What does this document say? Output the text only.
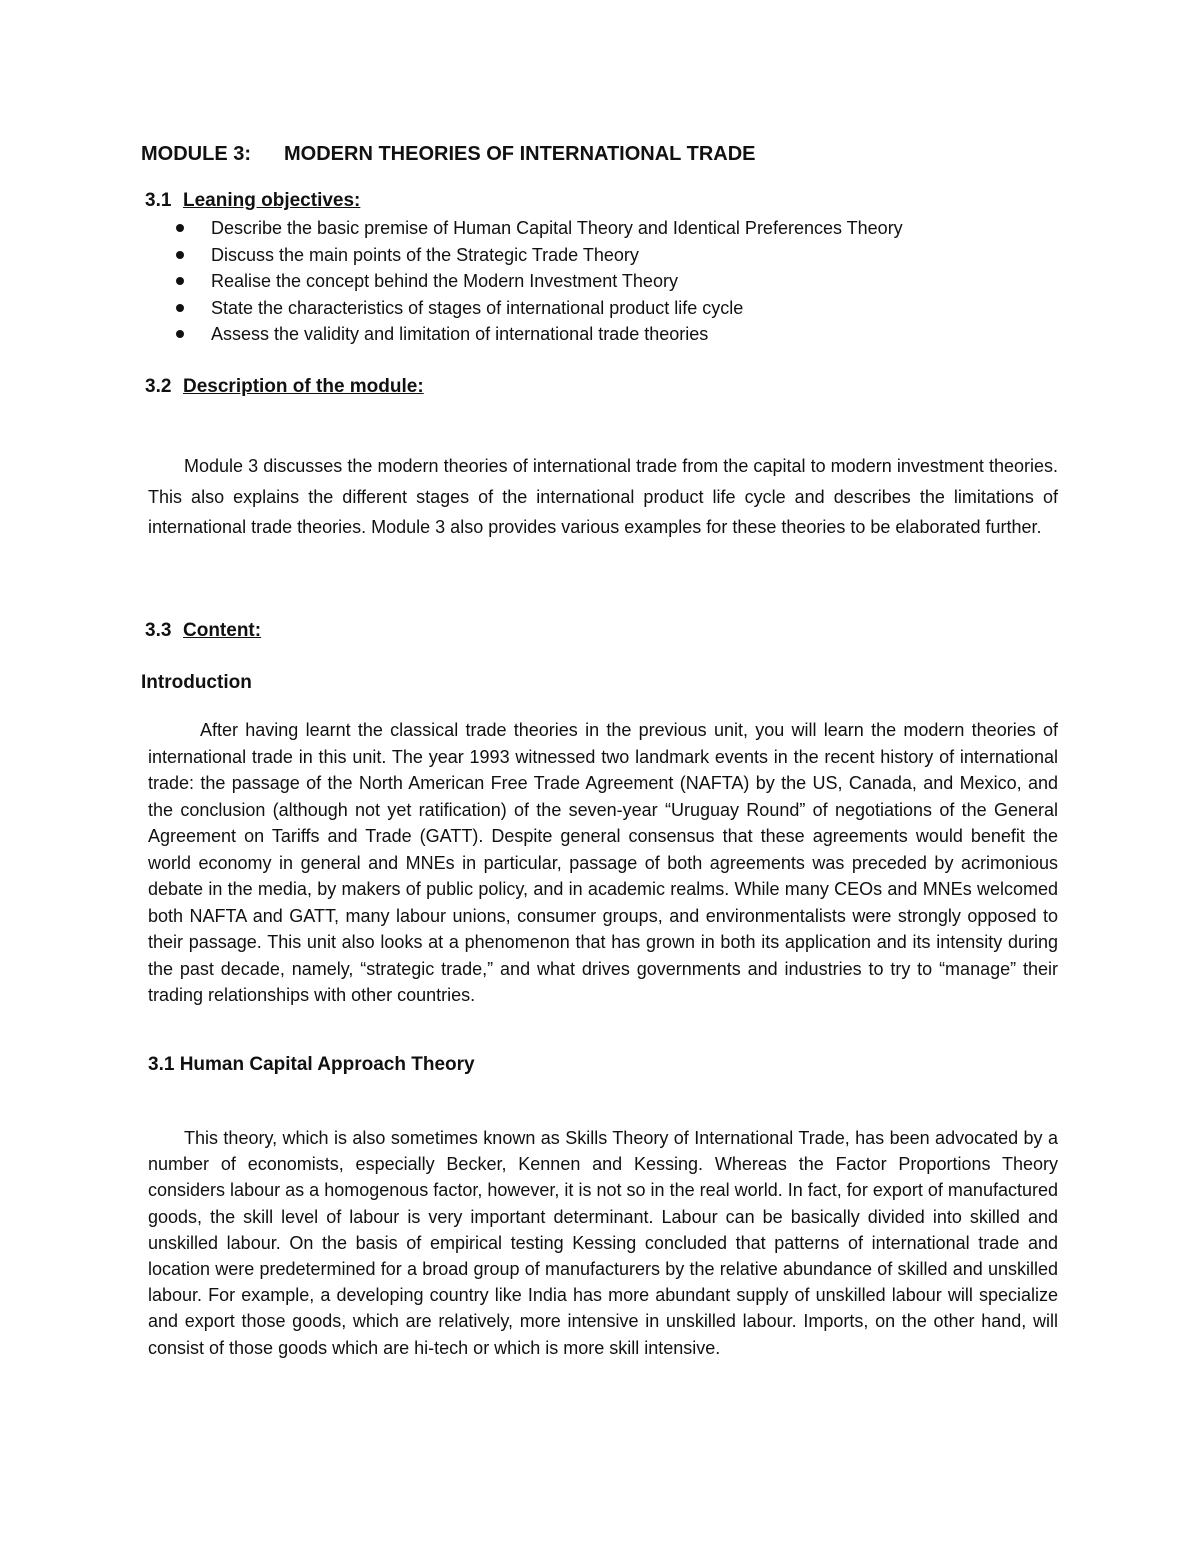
MODULE 3: MODERN THEORIES OF INTERNATIONAL TRADE
3.1 Leaning objectives:
Describe the basic premise of Human Capital Theory and Identical Preferences Theory
Discuss the main points of the Strategic Trade Theory
Realise the concept behind the Modern Investment Theory
State the characteristics of stages of international product life cycle
Assess the validity and limitation of international trade theories
3.2 Description of the module:

Module 3 discusses the modern theories of international trade from the capital to modern investment theories. This also explains the different stages of the international product life cycle and describes the limitations of international trade theories. Module 3 also provides various examples for these theories to be elaborated further.

3.3 Content:
Introduction

After having learnt the classical trade theories in the previous unit, you will learn the modern theories of international trade in this unit. The year 1993 witnessed two landmark events in the recent history of international trade: the passage of the North American Free Trade Agreement (NAFTA) by the US, Canada, and Mexico, and the conclusion (although not yet ratification) of the seven-year “Uruguay Round” of negotiations of the General Agreement on Tariffs and Trade (GATT). Despite general consensus that these agreements would benefit the world economy in general and MNEs in particular, passage of both agreements was preceded by acrimonious debate in the media, by makers of public policy, and in academic realms. While many CEOs and MNEs welcomed both NAFTA and GATT, many labour unions, consumer groups, and environmentalists were strongly opposed to their passage. This unit also looks at a phenomenon that has grown in both its application and its intensity during the past decade, namely, “strategic trade,” and what drives governments and industries to try to “manage” their trading relationships with other countries.

3.1 Human Capital Approach Theory

This theory, which is also sometimes known as Skills Theory of International Trade, has been advocated by a number of economists, especially Becker, Kennen and Kessing. Whereas the Factor Proportions Theory considers labour as a homogenous factor, however, it is not so in the real world. In fact, for export of manufactured goods, the skill level of labour is very important determinant. Labour can be basically divided into skilled and unskilled labour. On the basis of empirical testing Kessing concluded that patterns of international trade and location were predetermined for a broad group of manufacturers by the relative abundance of skilled and unskilled labour. For example, a developing country like India has more abundant supply of unskilled labour will specialize and export those goods, which are relatively, more intensive in unskilled labour. Imports, on the other hand, will consist of those goods which are hi-tech or which is more skill intensive.
